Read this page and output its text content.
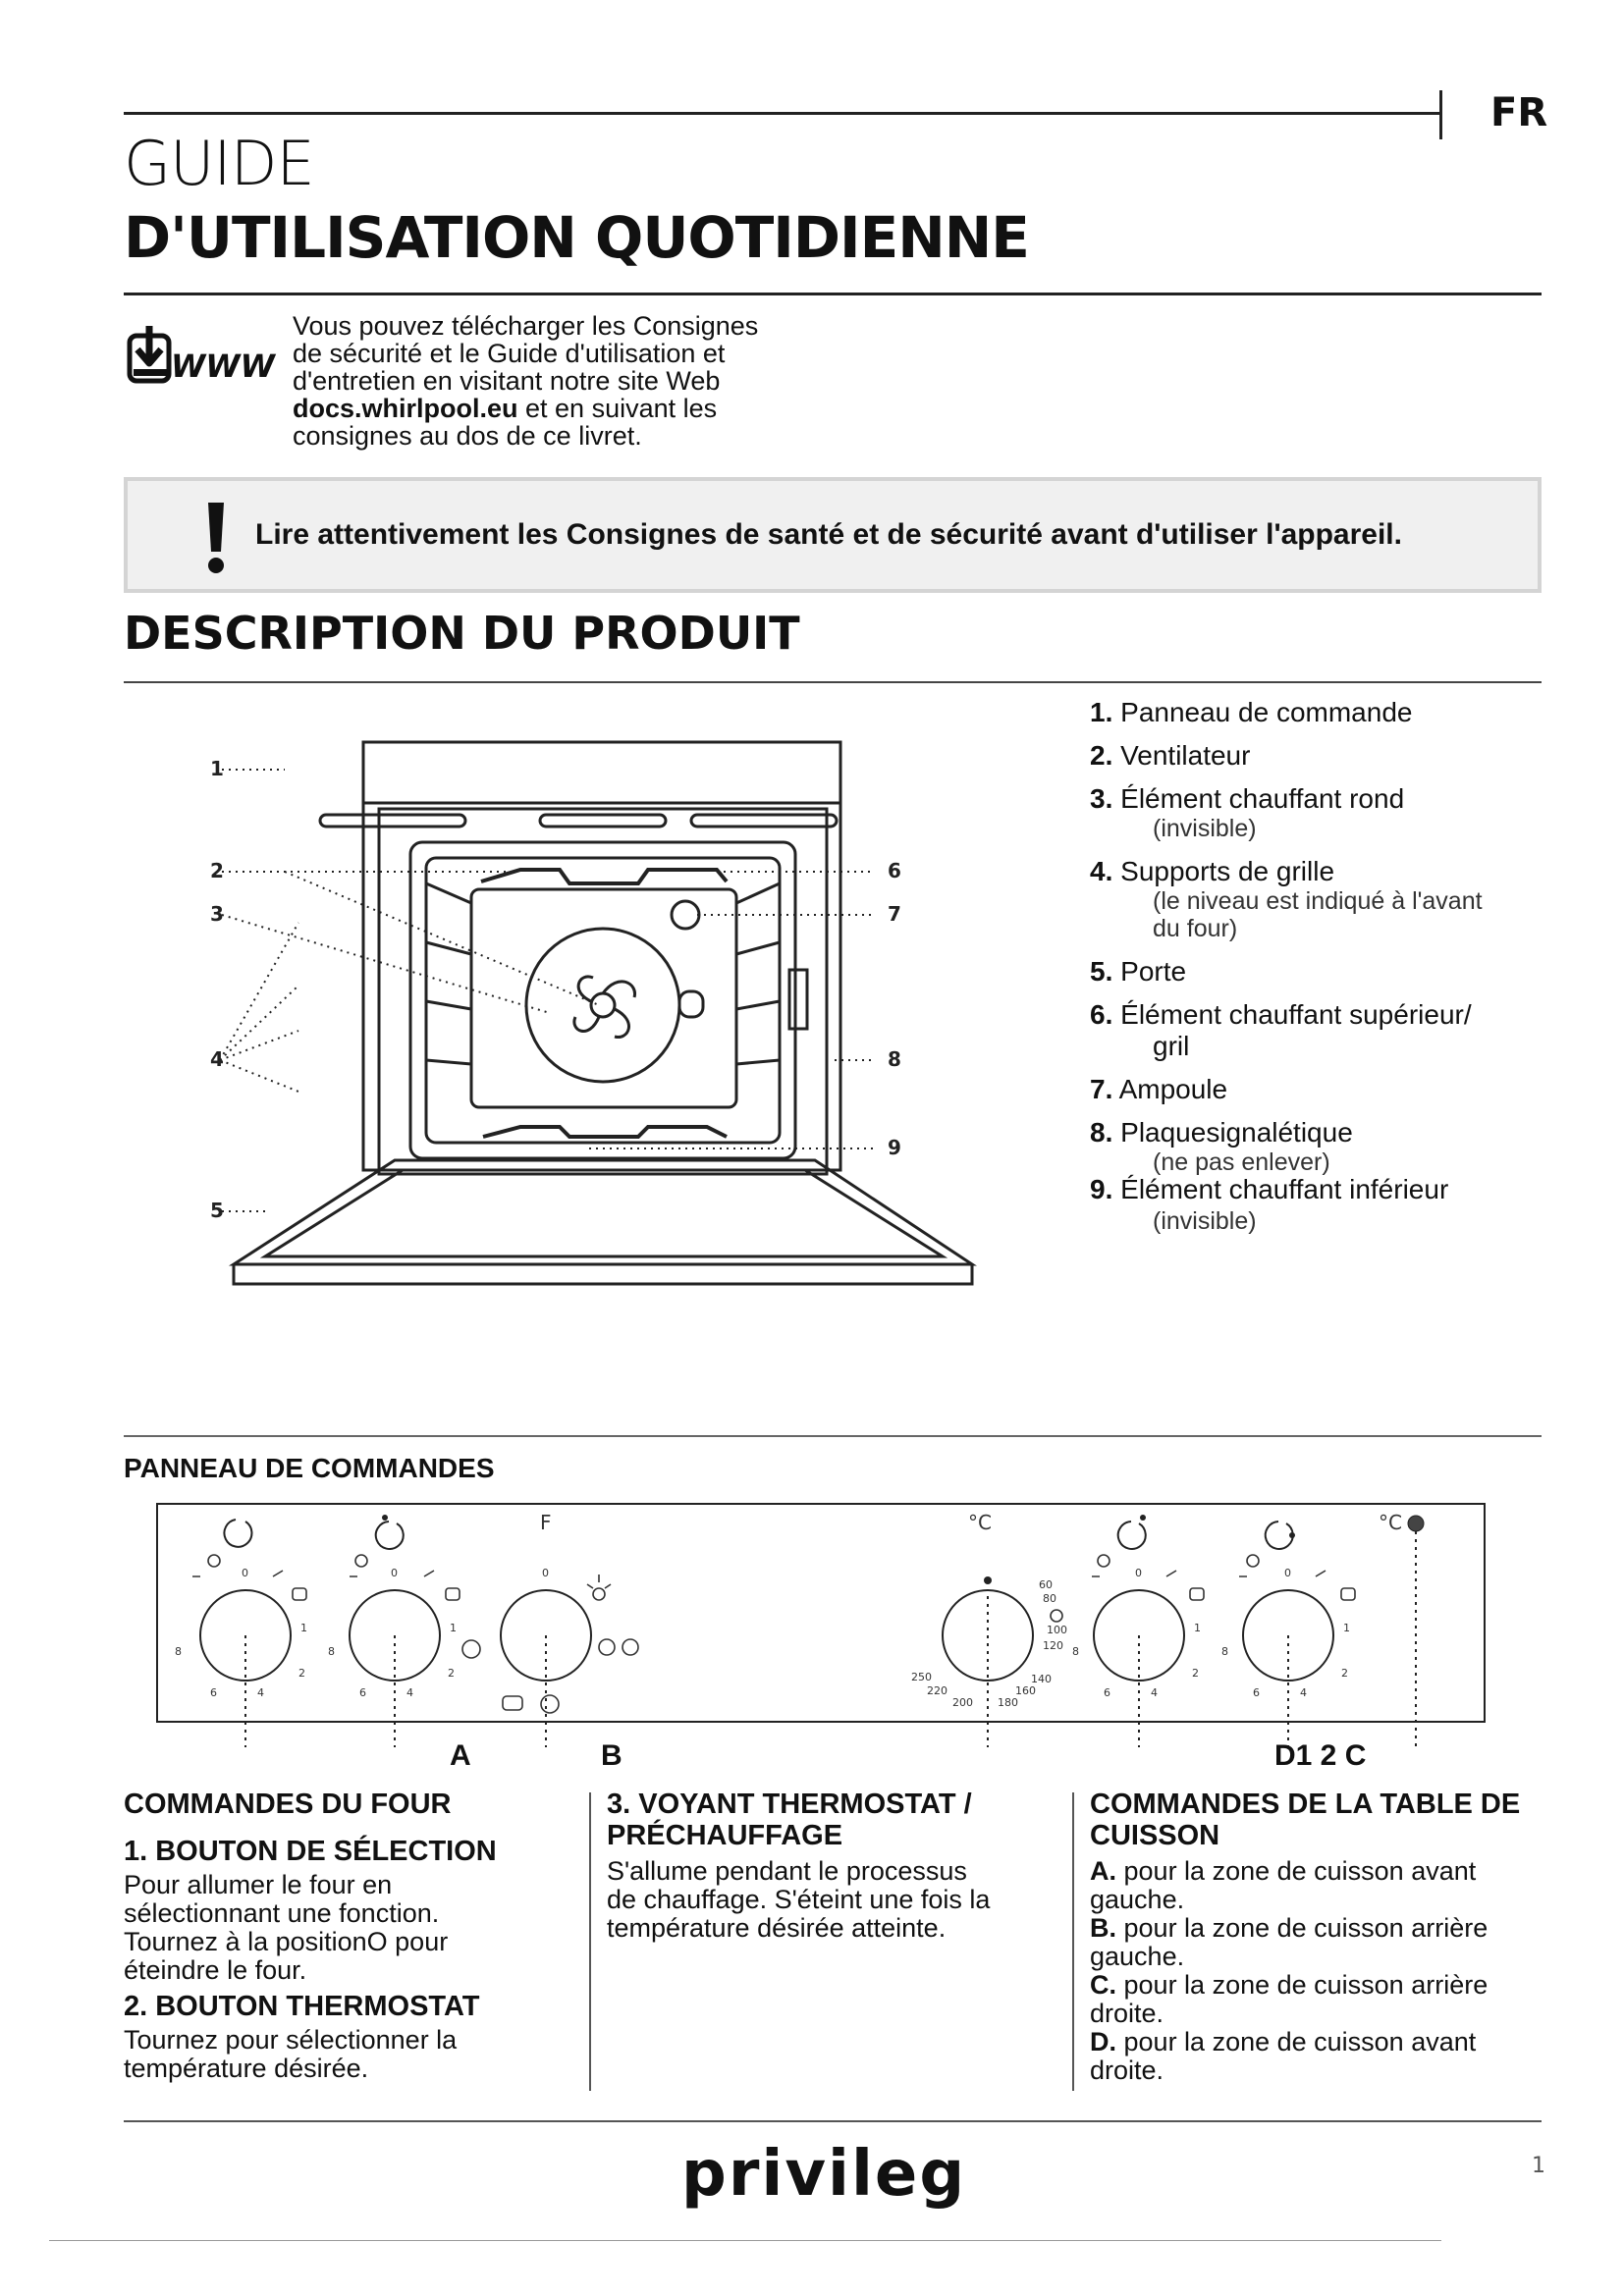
FR
GUIDE
D'UTILISATION QUOTIDIENNE
WWW

Vous pouvez télécharger les Consignes

de sécurité et le Guide d'utilisation et

d'entretien en visitant notre site Web

docs.whirlpool.eu et en suivant les

consignes au dos de ce livret.

Lire attentivement les Consignes de santé et de sécurité avant d'utiliser l'appareil.
DESCRIPTION DU PRODUIT
1
2
3
4
5
6
7
8
9
1. Panneau de commande
2. Ventilateur
3. Élément chauffant rond
(invisible)
4. Supports de grille
(le niveau est indiqué à l'avant
du four)
5. Porte
6. Élément chauffant supérieur/
gril
7. Ampoule
8. Plaquesignalétique
(ne pas enlever)
9. Élément chauffant inférieur
(invisible)
PANNEAU DE COMMANDES
F	°C	°C
0
1
2
4
6
8
0
1
2
4
6
8
0	0
1
2
4
6
8
0
1
2
4
6
8
60
80
100
120
140
160
180
200
220
250
A	B	D1 2 C

COMMANDES DU FOUR

1. BOUTON DE SÉLECTION

Pour allumer le four en

sélectionnant une fonction.

Tournez à la positionO pour

éteindre le four.

2. BOUTON THERMOSTAT

Tournez pour sélectionner la

température désirée.

3. VOYANT THERMOSTAT /

PRÉCHAUFFAGE

S'allume pendant le processus

de chauffage. S'éteint une fois la

température désirée atteinte.

COMMANDES DE LA TABLE DE

CUISSON

A. pour la zone de cuisson avant

gauche.

B. pour la zone de cuisson arrière

gauche.

C. pour la zone de cuisson arrière

droite.

D. pour la zone de cuisson avant

droite.

privileg	1
